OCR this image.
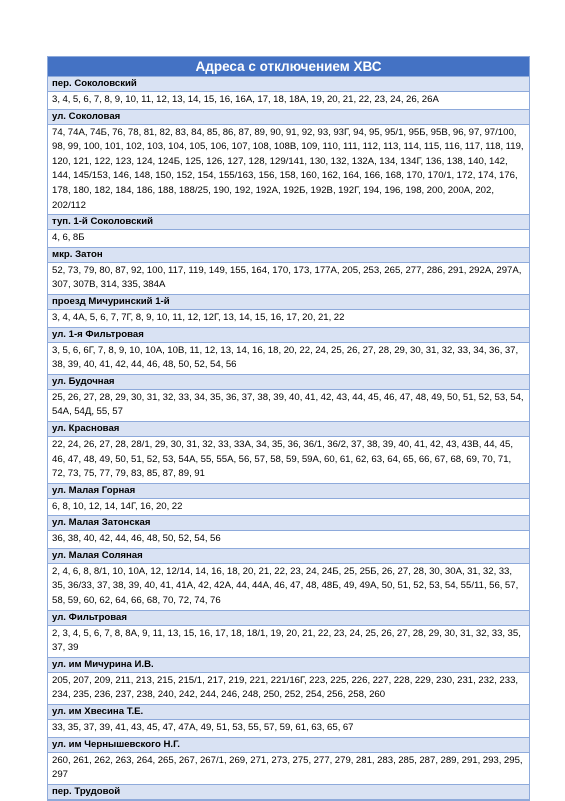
Адреса с отключением ХВС
пер. Соколовский
3, 4, 5, 6, 7, 8, 9, 10, 11, 12, 13, 14, 15, 16, 16А, 17, 18, 18А, 19, 20, 21, 22, 23, 24, 26, 26А
ул. Соколовая
74, 74А, 74Б, 76, 78, 81, 82, 83, 84, 85, 86, 87, 89, 90, 91, 92, 93, 93Г, 94, 95, 95/1, 95Б, 95В, 96, 97, 97/100, 98, 99, 100, 101, 102, 103, 104, 105, 106, 107, 108, 108В, 109, 110, 111, 112, 113, 114, 115, 116, 117, 118, 119, 120, 121, 122, 123, 124, 124Б, 125, 126, 127, 128, 129/141, 130, 132, 132А, 134, 134Г, 136, 138, 140, 142, 144, 145/153, 146, 148, 150, 152, 154, 155/163, 156, 158, 160, 162, 164, 166, 168, 170, 170/1, 172, 174, 176, 178, 180, 182, 184, 186, 188, 188/25, 190, 192, 192А, 192Б, 192В, 192Г, 194, 196, 198, 200, 200А, 202, 202/112
туп. 1-й Соколовский
4, 6, 8Б
мкр. Затон
52, 73, 79, 80, 87, 92, 100, 117, 119, 149, 155, 164, 170, 173, 177А, 205, 253, 265, 277, 286, 291, 292А, 297А, 307, 307В, 314, 335, 384А
проезд Мичуринский 1-й
3, 4, 4А, 5, 6, 7, 7Г, 8, 9, 10, 11, 12, 12Г, 13, 14, 15, 16, 17, 20, 21, 22
ул. 1-я Фильтровая
3, 5, 6, 6Г, 7, 8, 9, 10, 10А, 10В, 11, 12, 13, 14, 16, 18, 20, 22, 24, 25, 26, 27, 28, 29, 30, 31, 32, 33, 34, 36, 37, 38, 39, 40, 41, 42, 44, 46, 48, 50, 52, 54, 56
ул. Будочная
25, 26, 27, 28, 29, 30, 31, 32, 33, 34, 35, 36, 37, 38, 39, 40, 41, 42, 43, 44, 45, 46, 47, 48, 49, 50, 51, 52, 53, 54, 54А, 54Д, 55, 57
ул. Красновая
22, 24, 26, 27, 28, 28/1, 29, 30, 31, 32, 33, 33А, 34, 35, 36, 36/1, 36/2, 37, 38, 39, 40, 41, 42, 43, 43В, 44, 45, 46, 47, 48, 49, 50, 51, 52, 53, 54А, 55, 55А, 56, 57, 58, 59, 59А, 60, 61, 62, 63, 64, 65, 66, 67, 68, 69, 70, 71, 72, 73, 75, 77, 79, 83, 85, 87, 89, 91
ул. Малая Горная
6, 8, 10, 12, 14, 14Г, 16, 20, 22
ул. Малая Затонская
36, 38, 40, 42, 44, 46, 48, 50, 52, 54, 56
ул. Малая Соляная
2, 4, 6, 8, 8/1, 10, 10А, 12, 12/14, 14, 16, 18, 20, 21, 22, 23, 24, 24Б, 25, 25Б, 26, 27, 28, 30, 30А, 31, 32, 33, 35, 36/33, 37, 38, 39, 40, 41, 41А, 42, 42А, 44, 44А, 46, 47, 48, 48Б, 49, 49А, 50, 51, 52, 53, 54, 55/11, 56, 57, 58, 59, 60, 62, 64, 66, 68, 70, 72, 74, 76
ул. Фильтровая
2, 3, 4, 5, 6, 7, 8, 8А, 9, 11, 13, 15, 16, 17, 18, 18/1, 19, 20, 21, 22, 23, 24, 25, 26, 27, 28, 29, 30, 31, 32, 33, 35, 37, 39
ул. им Мичурина И.В.
205, 207, 209, 211, 213, 215, 215/1, 217, 219, 221, 221/16Г, 223, 225, 226, 227, 228, 229, 230, 231, 232, 233, 234, 235, 236, 237, 238, 240, 242, 244, 246, 248, 250, 252, 254, 256, 258, 260
ул. им Хвесина Т.Е.
33, 35, 37, 39, 41, 43, 45, 47, 47А, 49, 51, 53, 55, 57, 59, 61, 63, 65, 67
ул. им Чернышевского Н.Г.
260, 261, 262, 263, 264, 265, 267, 267/1, 269, 271, 273, 275, 277, 279, 281, 283, 285, 287, 289, 291, 293, 295, 297
пер. Трудовой
